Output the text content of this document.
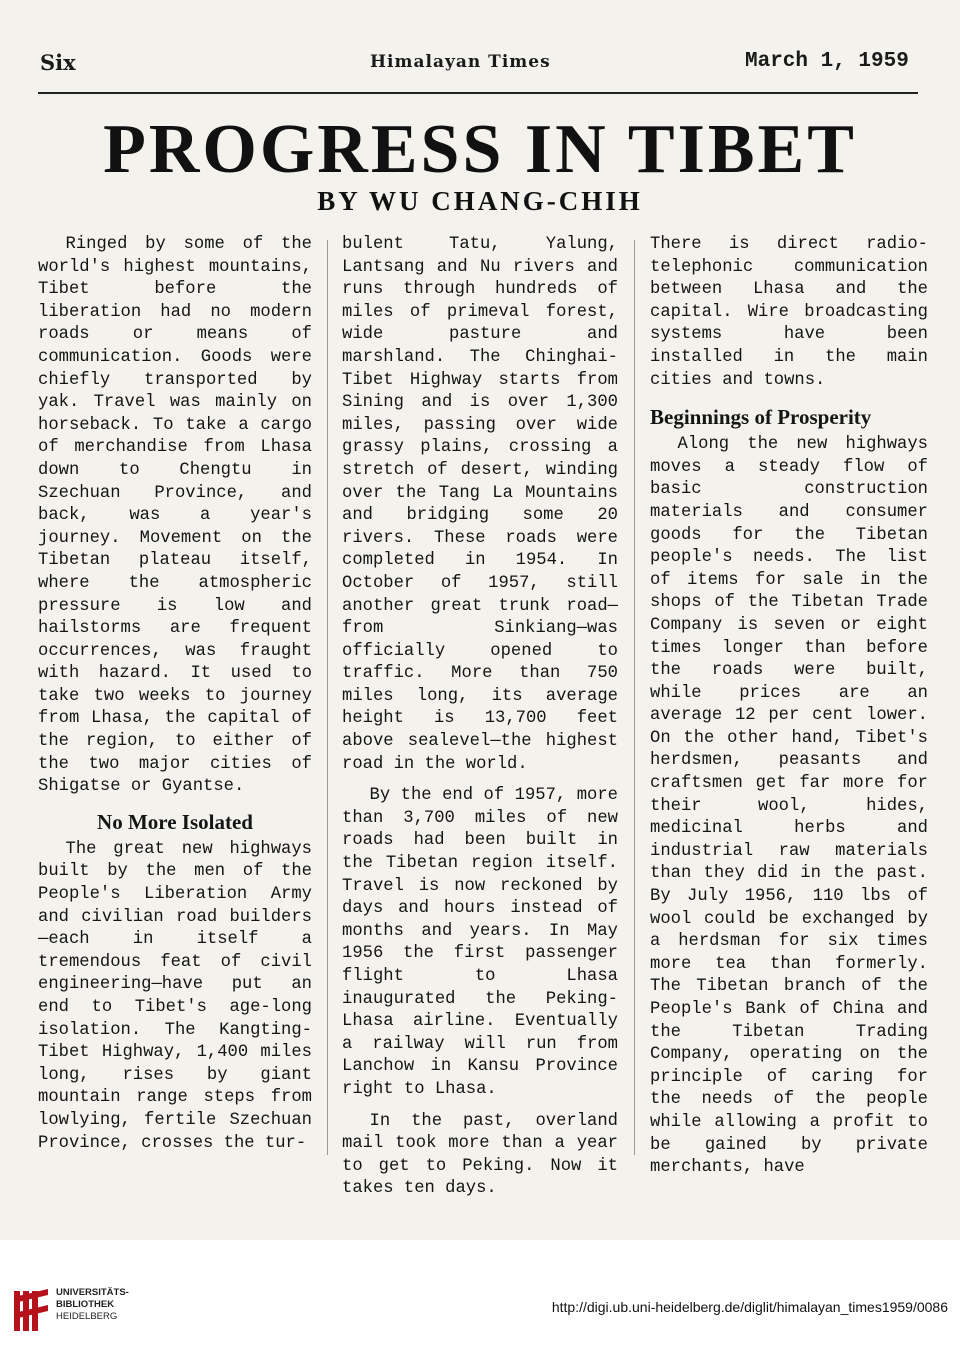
Six	Himalayan Times	March 1, 1959
PROGRESS IN TIBET
BY WU CHANG-CHIH

Ringed by some of the world's highest mountains, Tibet before the liberation had no modern roads or means of communication. Goods were chiefly transported by yak. Travel was mainly on horseback. To take a cargo of merchandise from Lhasa down to Chengtu in Szechuan Province, and back, was a year's journey. Movement on the Tibetan plateau itself, where the atmospheric pressure is low and hailstorms are frequent occurrences, was fraught with hazard. It used to take two weeks to journey from Lhasa, the capital of the region, to either of the two major cities of Shigatse or Gyantse.

No More Isolated

The great new highways built by the men of the People's Liberation Army and civilian road builders—each in itself a tremendous feat of civil engineering—have put an end to Tibet's age-long isolation. The Kangting-Tibet Highway, 1,400 miles long, rises by giant mountain range steps from lowlying, fertile Szechuan Province, crosses the tur-

bulent Tatu, Yalung, Lantsang and Nu rivers and runs through hundreds of miles of primeval forest, wide pasture and marshland. The Chinghai-Tibet Highway starts from Sining and is over 1,300 miles, passing over wide grassy plains, crossing a stretch of desert, winding over the Tang La Mountains and bridging some 20 rivers. These roads were completed in 1954. In October of 1957, still another great trunk road—from Sinkiang—was officially opened to traffic. More than 750 miles long, its average height is 13,700 feet above sealevel—the highest road in the world.

By the end of 1957, more than 3,700 miles of new roads had been built in the Tibetan region itself. Travel is now reckoned by days and hours instead of months and years. In May 1956 the first passenger flight to Lhasa inaugurated the Peking-Lhasa airline. Eventually a railway will run from Lanchow in Kansu Province right to Lhasa.

In the past, overland mail took more than a year to get to Peking. Now it takes ten days.

There is direct radio-telephonic communication between Lhasa and the capital. Wire broadcasting systems have been installed in the main cities and towns.

Beginnings of Prosperity

Along the new highways moves a steady flow of basic construction materials and consumer goods for the Tibetan people's needs. The list of items for sale in the shops of the Tibetan Trade Company is seven or eight times longer than before the roads were built, while prices are an average 12 per cent lower. On the other hand, Tibet's herdsmen, peasants and craftsmen get far more for their wool, hides, medicinal herbs and industrial raw materials than they did in the past. By July 1956, 110 lbs of wool could be exchanged by a herdsman for six times more tea than formerly. The Tibetan branch of the People's Bank of China and the Tibetan Trading Company, operating on the principle of caring for the needs of the people while allowing a profit to be gained by private merchants, have

UNIVERSITÄTS-
BIBLIOTHEK
HEIDELBERG
http://digi.ub.uni-heidelberg.de/diglit/himalayan_times1959/0086
